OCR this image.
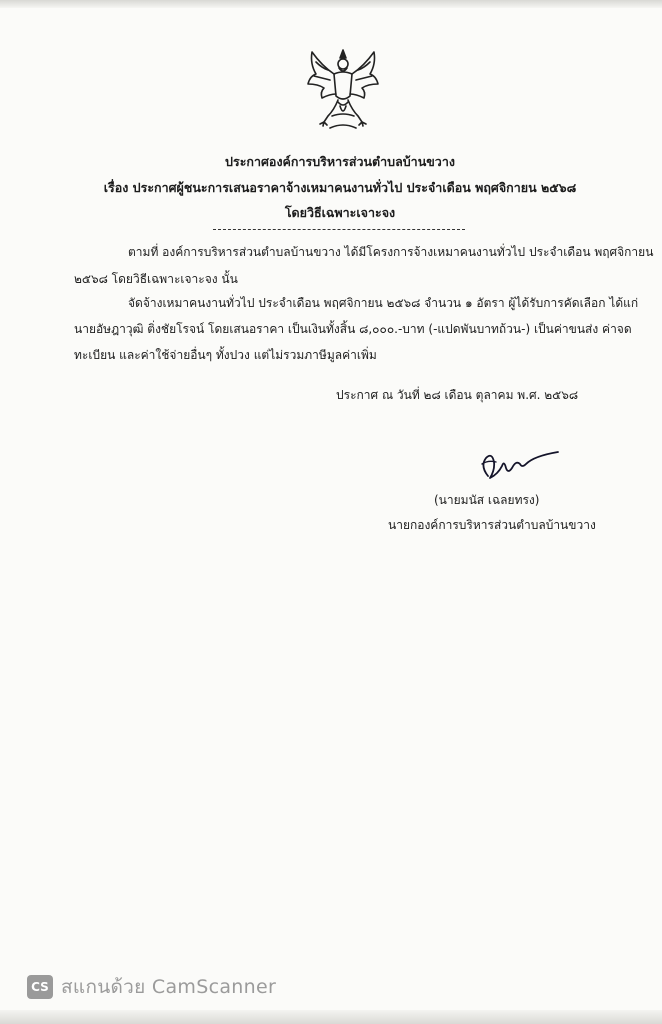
ประกาศองค์การบริหารส่วนตำบลบ้านขวาง
เรื่อง ประกาศผู้ชนะการเสนอราคาจ้างเหมาคนงานทั่วไป ประจำเดือน พฤศจิกายน ๒๕๖๘
โดยวิธีเฉพาะเจาะจง
ตามที่ องค์การบริหารส่วนตำบลบ้านขวาง ได้มีโครงการจ้างเหมาคนงานทั่วไป ประจำเดือน พฤศจิกายน
๒๕๖๘ โดยวิธีเฉพาะเจาะจง นั้น
จัดจ้างเหมาคนงานทั่วไป ประจำเดือน พฤศจิกายน ๒๕๖๘ จำนวน ๑ อัตรา ผู้ได้รับการคัดเลือก ได้แก่
นายอัษฎาวุฒิ ติ่งชัยโรจน์ โดยเสนอราคา เป็นเงินทั้งสิ้น ๘,๐๐๐.-บาท (-แปดพันบาทถ้วน-) เป็นค่าขนส่ง ค่าจด
ทะเบียน และค่าใช้จ่ายอื่นๆ ทั้งปวง แต่ไม่รวมภาษีมูลค่าเพิ่ม
ประกาศ ณ วันที่ ๒๘ เดือน ตุลาคม พ.ศ. ๒๕๖๘
(นายมนัส เฉลยทรง)
นายกองค์การบริหารส่วนตำบลบ้านขวาง
CS สแกนด้วย CamScanner
